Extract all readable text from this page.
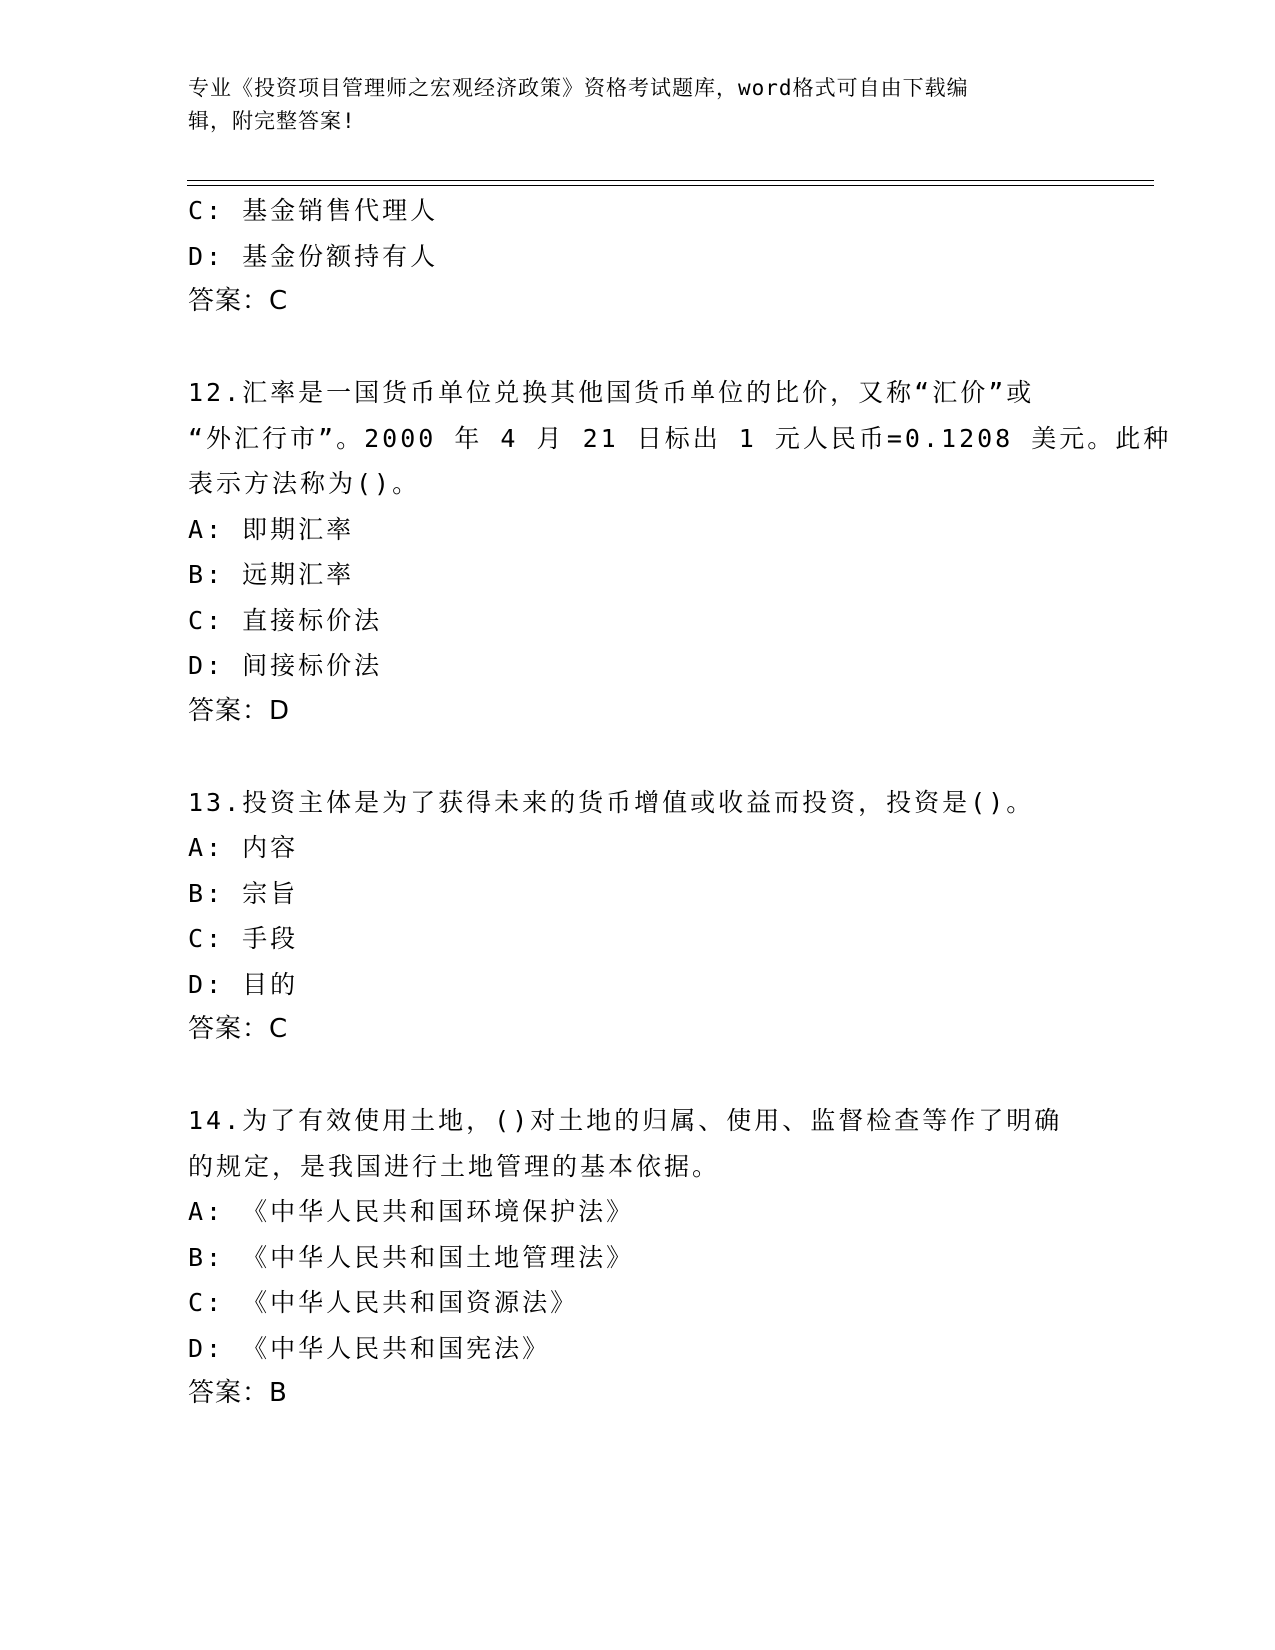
专业《投资项目管理师之宏观经济政策》资格考试题库，word格式可自由下载编
辑，附完整答案!
C: 基金销售代理人
D: 基金份额持有人
答案：C
12.汇率是一国货币单位兑换其他国货币单位的比价，又称“汇价”或
“外汇行市”。2000 年 4 月 21 日标出 1 元人民币=0.1208 美元。此种
表示方法称为()。
A: 即期汇率
B: 远期汇率
C: 直接标价法
D: 间接标价法
答案：D
13.投资主体是为了获得未来的货币增值或收益而投资，投资是()。
A: 内容
B: 宗旨
C: 手段
D: 目的
答案：C
14.为了有效使用土地，()对土地的归属、使用、监督检查等作了明确
的规定，是我国进行土地管理的基本依据。
A: 《中华人民共和国环境保护法》
B: 《中华人民共和国土地管理法》
C: 《中华人民共和国资源法》
D: 《中华人民共和国宪法》
答案：B
